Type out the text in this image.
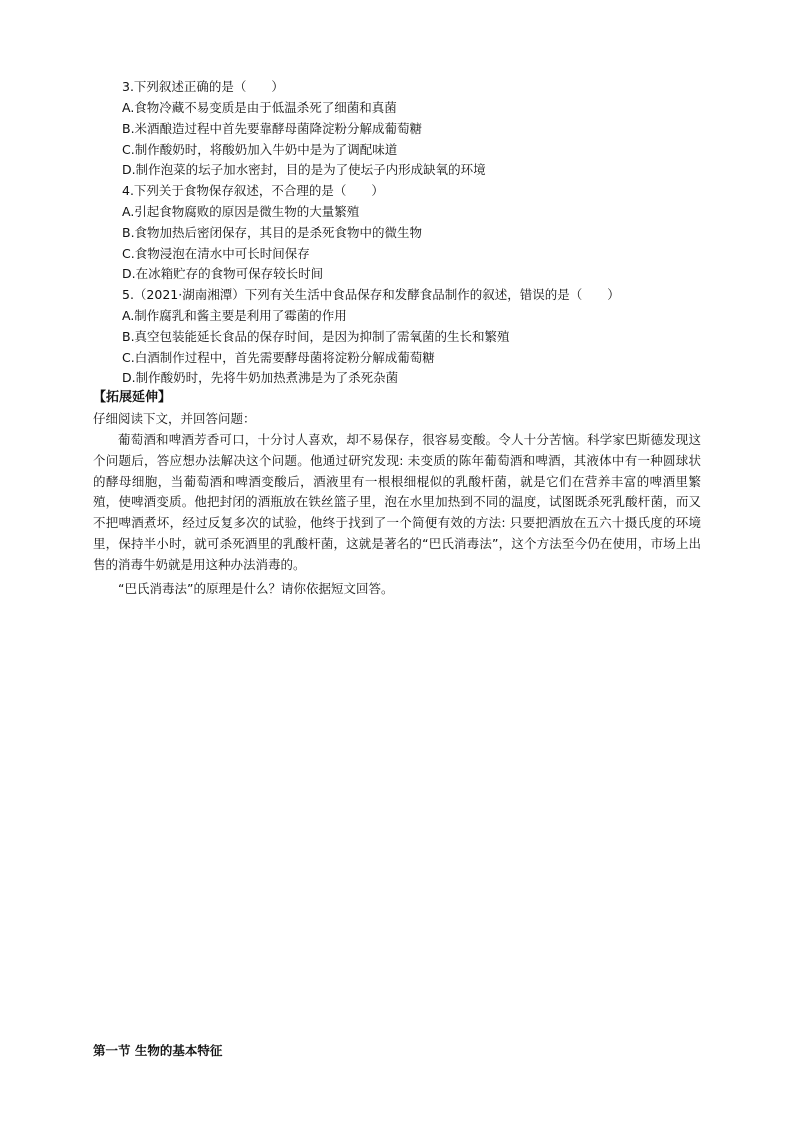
3.下列叙述正确的是（　　）
A.食物冷藏不易变质是由于低温杀死了细菌和真菌
B.米酒酿造过程中首先要靠酵母菌降淀粉分解成葡萄糖
C.制作酸奶时，将酸奶加入牛奶中是为了调配味道
D.制作泡菜的坛子加水密封，目的是为了使坛子内形成缺氧的环境
4.下列关于食物保存叙述，不合理的是（　　）
A.引起食物腐败的原因是微生物的大量繁殖
B.食物加热后密闭保存，其目的是杀死食物中的微生物
C.食物浸泡在清水中可长时间保存
D.在冰箱贮存的食物可保存较长时间
5.（2021·湖南湘潭）下列有关生活中食品保存和发酵食品制作的叙述，错误的是（　　）
A.制作腐乳和酱主要是利用了霉菌的作用
B.真空包装能延长食品的保存时间，是因为抑制了需氧菌的生长和繁殖
C.白酒制作过程中，首先需要酵母菌将淀粉分解成葡萄糖
D.制作酸奶时，先将牛奶加热煮沸是为了杀死杂菌
【拓展延伸】
仔细阅读下文，并回答问题：
葡萄酒和啤酒芳香可口，十分讨人喜欢，却不易保存，很容易变酸。令人十分苦恼。科学家巴斯德发现这个问题后，答应想办法解决这个问题。他通过研究发现: 未变质的陈年葡萄酒和啤酒，其液体中有一种圆球状的酵母细胞，当葡萄酒和啤酒变酸后，酒液里有一根根细棍似的乳酸杆菌，就是它们在营养丰富的啤酒里繁殖，使啤酒变质。他把封闭的酒瓶放在铁丝篮子里，泡在水里加热到不同的温度，试图既杀死乳酸杆菌，而又不把啤酒煮坏，经过反复多次的试验，他终于找到了一个简便有效的方法: 只要把酒放在五六十摄氏度的环境里，保持半小时，就可杀死酒里的乳酸杆菌，这就是著名的“巴氏消毒法”，这个方法至今仍在使用，市场上出售的消毒牛奶就是用这种办法消毒的。
“巴氏消毒法”的原理是什么？请你依据短文回答。
第一节 生物的基本特征
